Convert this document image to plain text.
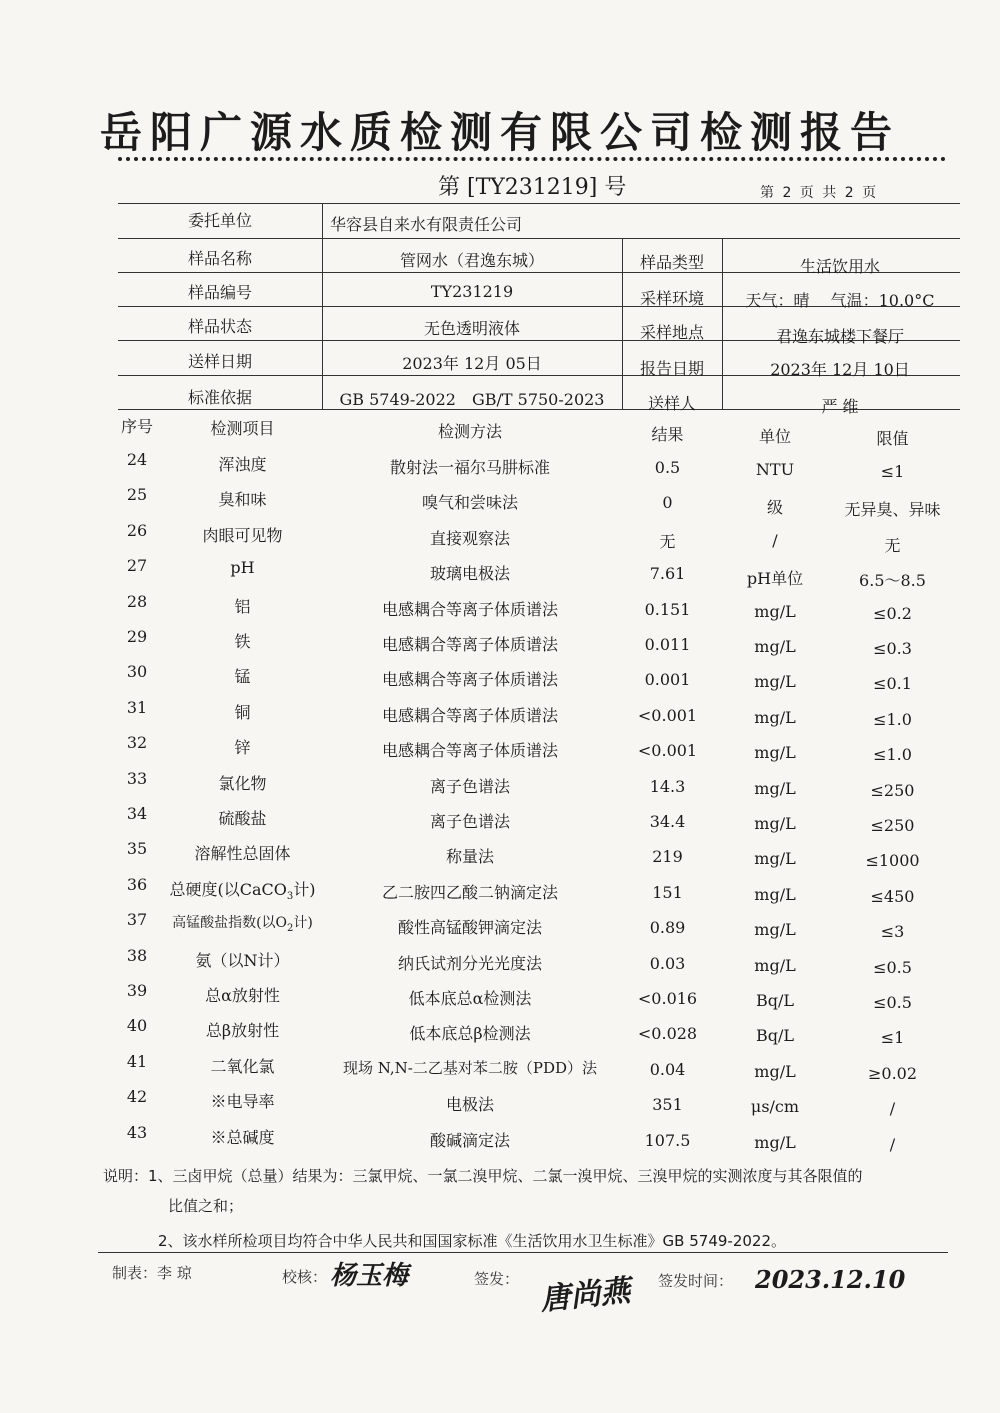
岳阳广源水质检测有限公司检测报告
第 [TY231219] 号	第 2 页 共 2 页
委托单位	华容县自来水有限责任公司
样品名称	管网水（君逸东城）	样品类型	生活饮用水
样品编号	TY231219	采样环境	天气：晴　 气温：10.0°C
样品状态	无色透明液体	采样地点	君逸东城楼下餐厅
送样日期	2023年 12月 05日	报告日期	2023年 12月 10日
标准依据	GB 5749-2022　GB/T 5750-2023	送样人	严 维
序号	检测项目	检测方法	结果	单位	限值
24	浑浊度	散射法一福尔马肼标准	0.5	NTU	≤1
25	臭和味	嗅气和尝味法	0	级	无异臭、异味
26	肉眼可见物	直接观察法	无	/	无
27	pH	玻璃电极法	7.61	pH单位	6.5～8.5
28	铝	电感耦合等离子体质谱法	0.151	mg/L	≤0.2
29	铁	电感耦合等离子体质谱法	0.011	mg/L	≤0.3
30	锰	电感耦合等离子体质谱法	0.001	mg/L	≤0.1
31	铜	电感耦合等离子体质谱法	<0.001	mg/L	≤1.0
32	锌	电感耦合等离子体质谱法	<0.001	mg/L	≤1.0
33	氯化物	离子色谱法	14.3	mg/L	≤250
34	硫酸盐	离子色谱法	34.4	mg/L	≤250
35	溶解性总固体	称量法	219	mg/L	≤1000
36	总硬度(以CaCO$_3$计)	乙二胺四乙酸二钠滴定法	151	mg/L	≤450
37	高锰酸盐指数(以$O_2$计)	酸性高锰酸钾滴定法	0.89	mg/L	≤3
38	氨（以N计）	纳氏试剂分光光度法	0.03	mg/L	≤0.5
39	总α放射性	低本底总α检测法	<0.016	Bq/L	≤0.5
40	总β放射性	低本底总β检测法	<0.028	Bq/L	≤1
41	二氧化氯	现场 N,N-二乙基对苯二胺（PDD）法	0.04	mg/L	≥0.02
42	※电导率	电极法	351	μs/cm	/
43	※总碱度	酸碱滴定法	107.5	mg/L	/
说明：1、三卤甲烷（总量）结果为：三氯甲烷、一氯二溴甲烷、二氯一溴甲烷、三溴甲烷的实测浓度与其各限值的
比值之和；
2、该水样所检项目均符合中华人民共和国国家标准《生活饮用水卫生标准》GB 5749-2022。
制表：李 琼	校核： 杨玉梅	签发： 唐尚燕 签发时间： 2023.12.10
